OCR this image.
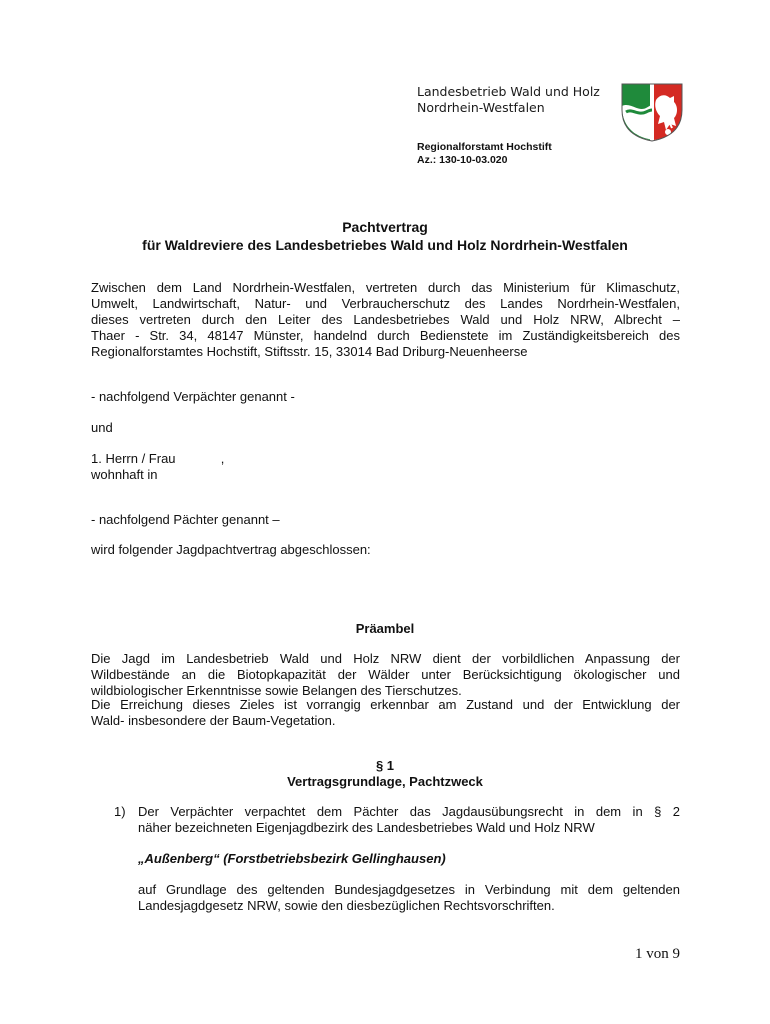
Landesbetrieb Wald und Holz
Nordrhein-Westfalen
Regionalforstamt Hochstift
Az.: 130-10-03.020
Pachtvertrag
für Waldreviere des Landesbetriebes Wald und Holz Nordrhein-Westfalen
Zwischen dem Land Nordrhein-Westfalen, vertreten durch das Ministerium für Klimaschutz,
Umwelt, Landwirtschaft, Natur- und Verbraucherschutz des Landes Nordrhein-Westfalen,
dieses vertreten durch den Leiter des Landesbetriebes Wald und Holz NRW, Albrecht –
Thaer - Str. 34, 48147 Münster, handelnd durch Bedienstete im Zuständigkeitsbereich des
Regionalforstamtes Hochstift, Stiftsstr. 15, 33014 Bad Driburg-Neuenheerse
- nachfolgend Verpächter genannt -
und
1. Herrn / Frau	,
wohnhaft in
- nachfolgend Pächter genannt –
wird folgender Jagdpachtvertrag abgeschlossen:
Präambel
Die Jagd im Landesbetrieb Wald und Holz NRW dient der vorbildlichen Anpassung der
Wildbestände an die Biotopkapazität der Wälder unter Berücksichtigung ökologischer und
wildbiologischer Erkenntnisse sowie Belangen des Tierschutzes.
Die Erreichung dieses Zieles ist vorrangig erkennbar am Zustand und der Entwicklung der
Wald- insbesondere der Baum-Vegetation.
§ 1
Vertragsgrundlage, Pachtzweck
1) Der Verpächter verpachtet dem Pächter das Jagdausübungsrecht in dem in § 2
näher bezeichneten Eigenjagdbezirk des Landesbetriebes Wald und Holz NRW
„Außenberg“ (Forstbetriebsbezirk Gellinghausen)
auf Grundlage des geltenden Bundesjagdgesetzes in Verbindung mit dem geltenden
Landesjagdgesetz NRW, sowie den diesbezüglichen Rechtsvorschriften.
1 von 9
